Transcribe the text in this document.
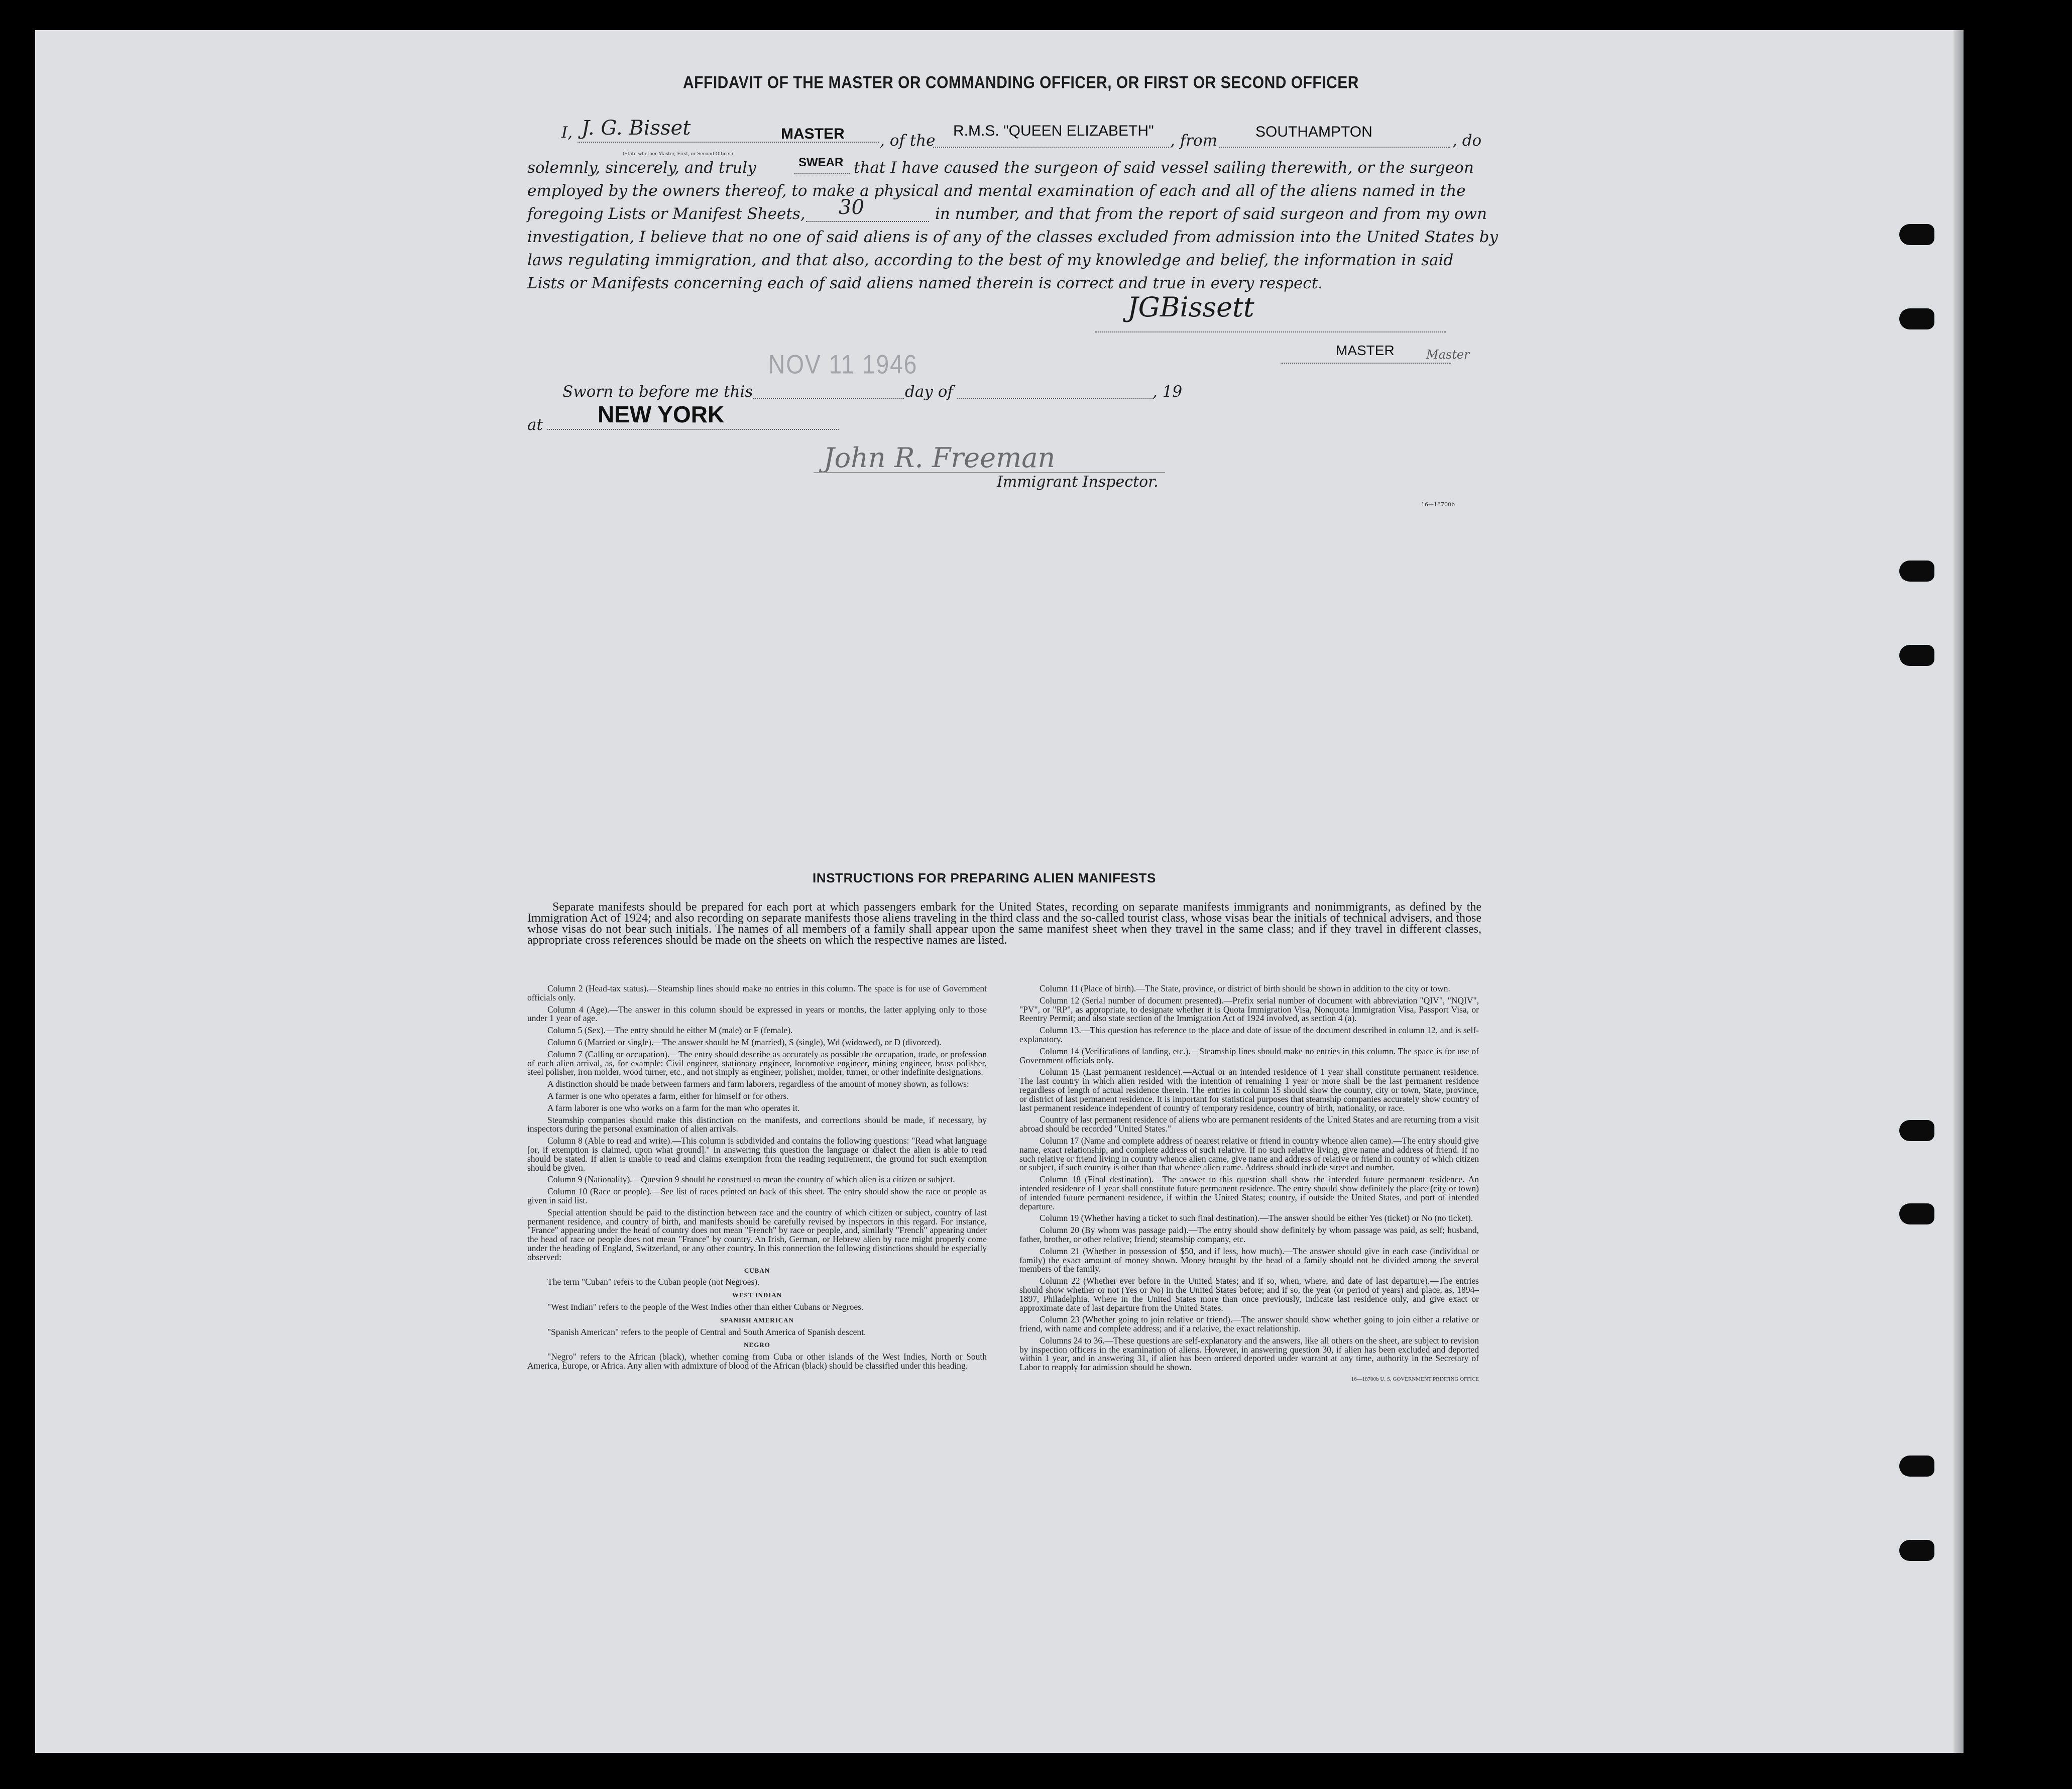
AFFIDAVIT OF THE MASTER OR COMMANDING OFFICER, OR FIRST OR SECOND OFFICER
I, J. G. Bisset	MASTER
(State whether Master, First, or Second Officer)
, of the
R.M.S. "QUEEN ELIZABETH"
, from	SOUTHAMPTON	, do
solemnly, sincerely, and truly	SWEAR that I have caused the surgeon of said vessel sailing therewith, or the surgeon
employed by the owners thereof, to make a physical and mental examination of each and all of the aliens named in the
foregoing Lists or Manifest Sheets, 30	in number, and that from the report of said surgeon and from my own
investigation, I believe that no one of said aliens is of any of the classes excluded from admission into the United States by
laws regulating immigration, and that also, according to the best of my knowledge and belief, the information in said
Lists or Manifests concerning each of said aliens named therein is correct and true in every respect.
JGBissett
MASTER	Master
NOV 11 1946
Sworn to before me this	day of	, 19
at NEW YORK
John R. Freeman
Immigrant Inspector.
16—18700b
INSTRUCTIONS FOR PREPARING ALIEN MANIFESTS
Separate manifests should be prepared for each port at which passengers embark for the United States, recording on separate manifests immigrants and nonimmigrants, as defined by the Immigration Act of 1924; and also recording on separate manifests those aliens traveling in the third class and the so-called tourist class, whose visas bear the initials of technical advisers, and those whose visas do not bear such initials. The names of all members of a family shall appear upon the same manifest sheet when they travel in the same class; and if they travel in different classes, appropriate cross references should be made on the sheets on which the respective names are listed.

Column 2 (Head-tax status).—Steamship lines should make no entries in this column. The space is for use of Government officials only.

Column 4 (Age).—The answer in this column should be expressed in years or months, the latter applying only to those under 1 year of age.

Column 5 (Sex).—The entry should be either M (male) or F (female).

Column 6 (Married or single).—The answer should be M (married), S (single), Wd (widowed), or D (divorced).

Column 7 (Calling or occupation).—The entry should describe as accurately as possible the occupation, trade, or profession of each alien arrival, as, for example: Civil engineer, stationary engineer, locomotive engineer, mining engineer, brass polisher, steel polisher, iron molder, wood turner, etc., and not simply as engineer, polisher, molder, turner, or other indefinite designations.

A distinction should be made between farmers and farm laborers, regardless of the amount of money shown, as follows:

A farmer is one who operates a farm, either for himself or for others.

A farm laborer is one who works on a farm for the man who operates it.

Steamship companies should make this distinction on the manifests, and corrections should be made, if necessary, by inspectors during the personal examination of alien arrivals.

Column 8 (Able to read and write).—This column is subdivided and contains the following questions: "Read what language [or, if exemption is claimed, upon what ground]." In answering this question the language or dialect the alien is able to read should be stated. If alien is unable to read and claims exemption from the reading requirement, the ground for such exemption should be given.

Column 9 (Nationality).—Question 9 should be construed to mean the country of which alien is a citizen or subject.

Column 10 (Race or people).—See list of races printed on back of this sheet. The entry should show the race or people as given in said list.

Special attention should be paid to the distinction between race and the country of which citizen or subject, country of last permanent residence, and country of birth, and manifests should be carefully revised by inspectors in this regard. For instance, "France" appearing under the head of country does not mean "French" by race or people, and, similarly "French" appearing under the head of race or people does not mean "France" by country. An Irish, German, or Hebrew alien by race might properly come under the heading of England, Switzerland, or any other country. In this connection the following distinctions should be especially observed:

CUBAN

The term "Cuban" refers to the Cuban people (not Negroes).

WEST INDIAN

"West Indian" refers to the people of the West Indies other than either Cubans or Negroes.

SPANISH AMERICAN

"Spanish American" refers to the people of Central and South America of Spanish descent.

NEGRO

"Negro" refers to the African (black), whether coming from Cuba or other islands of the West Indies, North or South America, Europe, or Africa. Any alien with admixture of blood of the African (black) should be classified under this heading.

Column 11 (Place of birth).—The State, province, or district of birth should be shown in addition to the city or town.

Column 12 (Serial number of document presented).—Prefix serial number of document with abbreviation "QIV", "NQIV", "PV", or "RP", as appropriate, to designate whether it is Quota Immigration Visa, Nonquota Immigration Visa, Passport Visa, or Reentry Permit; and also state section of the Immigration Act of 1924 involved, as section 4 (a).

Column 13.—This question has reference to the place and date of issue of the document described in column 12, and is self-explanatory.

Column 14 (Verifications of landing, etc.).—Steamship lines should make no entries in this column. The space is for use of Government officials only.

Column 15 (Last permanent residence).—Actual or an intended residence of 1 year shall constitute permanent residence. The last country in which alien resided with the intention of remaining 1 year or more shall be the last permanent residence regardless of length of actual residence therein. The entries in column 15 should show the country, city or town, State, province, or district of last permanent residence. It is important for statistical purposes that steamship companies accurately show country of last permanent residence independent of country of temporary residence, country of birth, nationality, or race.

Country of last permanent residence of aliens who are permanent residents of the United States and are returning from a visit abroad should be recorded "United States."

Column 17 (Name and complete address of nearest relative or friend in country whence alien came).—The entry should give name, exact relationship, and complete address of such relative. If no such relative living, give name and address of friend. If no such relative or friend living in country whence alien came, give name and address of relative or friend in country of which citizen or subject, if such country is other than that whence alien came. Address should include street and number.

Column 18 (Final destination).—The answer to this question shall show the intended future permanent residence. An intended residence of 1 year shall constitute future permanent residence. The entry should show definitely the place (city or town) of intended future permanent residence, if within the United States; country, if outside the United States, and port of intended departure.

Column 19 (Whether having a ticket to such final destination).—The answer should be either Yes (ticket) or No (no ticket).

Column 20 (By whom was passage paid).—The entry should show definitely by whom passage was paid, as self; husband, father, brother, or other relative; friend; steamship company, etc.

Column 21 (Whether in possession of $50, and if less, how much).—The answer should give in each case (individual or family) the exact amount of money shown. Money brought by the head of a family should not be divided among the several members of the family.

Column 22 (Whether ever before in the United States; and if so, when, where, and date of last departure).—The entries should show whether or not (Yes or No) in the United States before; and if so, the year (or period of years) and place, as, 1894–1897, Philadelphia. Where in the United States more than once previously, indicate last residence only, and give exact or approximate date of last departure from the United States.

Column 23 (Whether going to join relative or friend).—The answer should show whether going to join either a relative or friend, with name and complete address; and if a relative, the exact relationship.

Columns 24 to 36.—These questions are self-explanatory and the answers, like all others on the sheet, are subject to revision by inspection officers in the examination of aliens. However, in answering question 30, if alien has been excluded and deported within 1 year, and in answering 31, if alien has been ordered deported under warrant at any time, authority in the Secretary of Labor to reapply for admission should be shown.

16—18700b U. S. GOVERNMENT PRINTING OFFICE
